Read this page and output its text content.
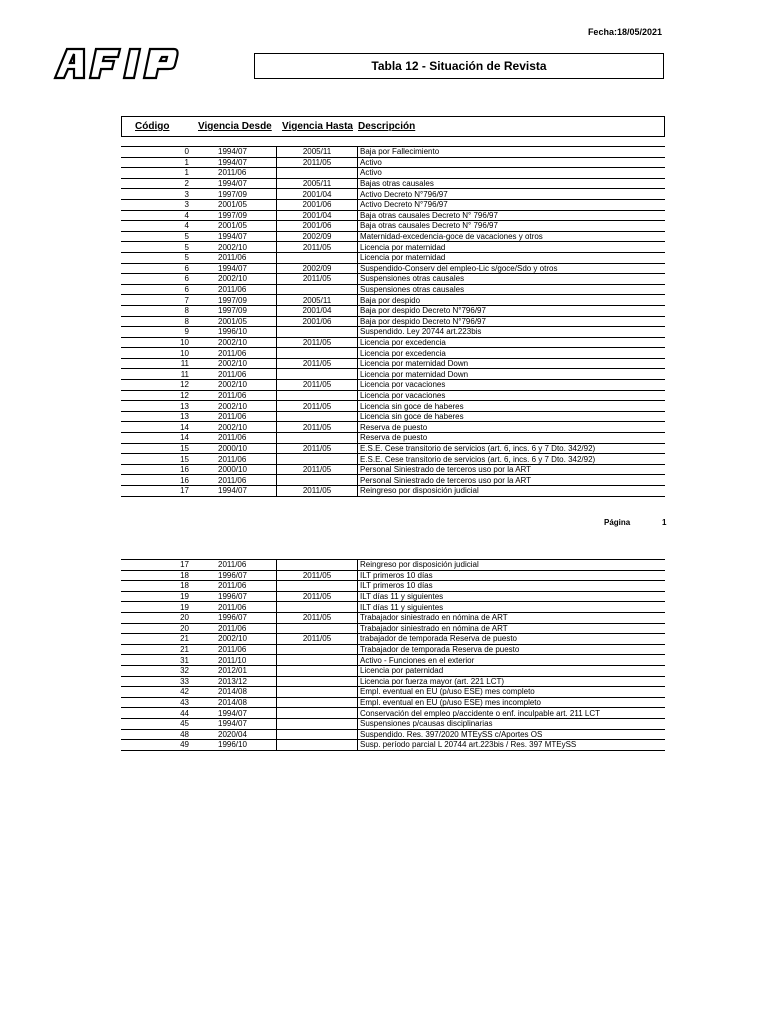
Fecha:18/05/2021
Tabla 12 - Situación de Revista
Código	Vigencia Desde Vigencia Hasta Descripción
0	1994/07	2005/11	Baja por Fallecimiento
1	1994/07	2011/05	Activo
1	2011/06		Activo
2	1994/07	2005/11	Bajas otras causales
3	1997/09	2001/04	Activo Decreto N°796/97
3	2001/05	2001/06	Activo Decreto N°796/97
4	1997/09	2001/04	Baja otras causales Decreto N° 796/97
4	2001/05	2001/06	Baja otras causales Decreto N° 796/97
5	1994/07	2002/09	Maternidad-excedencia-goce de vacaciones y otros
5	2002/10	2011/05	Licencia por maternidad
5	2011/06		Licencia por maternidad
6	1994/07	2002/09	Suspendido-Conserv del empleo-Lic s/goce/Sdo y otros
6	2002/10	2011/05	Suspensiones otras causales
6	2011/06		Suspensiones otras causales
7	1997/09	2005/11	Baja por despido
8	1997/09	2001/04	Baja por despido Decreto N°796/97
8	2001/05	2001/06	Baja por despido Decreto N°796/97
9	1996/10		Suspendido. Ley 20744 art.223bis
10	2002/10	2011/05	Licencia por excedencia
10	2011/06		Licencia por excedencia
11	2002/10	2011/05	Licencia por maternidad Down
11	2011/06		Licencia por maternidad Down
12	2002/10	2011/05	Licencia por vacaciones
12	2011/06		Licencia por vacaciones
13	2002/10	2011/05	Licencia sin goce de haberes
13	2011/06		Licencia sin goce de haberes
14	2002/10	2011/05	Reserva de puesto
14	2011/06		Reserva de puesto
15	2000/10	2011/05	E.S.E. Cese transitorio de servicios (art. 6, incs. 6 y 7 Dto. 342/92)
15	2011/06		E.S.E. Cese transitorio de servicios (art. 6, incs. 6 y 7 Dto. 342/92)
16	2000/10	2011/05	Personal Siniestrado de terceros uso por la ART
16	2011/06		Personal Siniestrado de terceros uso por la ART
17	1994/07	2011/05	Reingreso por disposición judicial
Página	1
17	2011/06		Reingreso por disposición judicial
18	1996/07	2011/05	ILT primeros 10 días
18	2011/06		ILT primeros 10 días
19	1996/07	2011/05	ILT días 11 y siguientes
19	2011/06		ILT días 11 y siguientes
20	1996/07	2011/05	Trabajador siniestrado en nómina de ART
20	2011/06		Trabajador siniestrado en nómina de ART
21	2002/10	2011/05	trabajador de temporada Reserva de puesto
21	2011/06		Trabajador de temporada Reserva de puesto
31	2011/10		Activo - Funciones en el exterior
32	2012/01		Licencia por paternidad
33	2013/12		Licencia por fuerza mayor (art. 221 LCT)
42	2014/08		Empl. eventual en EU (p/uso ESE) mes completo
43	2014/08		Empl. eventual en EU (p/uso ESE) mes incompleto
44	1994/07		Conservación del empleo p/accidente o enf. inculpable art. 211 LCT
45	1994/07		Suspensiones p/causas disciplinarias
48	2020/04		Suspendido. Res. 397/2020 MTEySS c/Aportes OS
49	1996/10		Susp. período parcial L 20744 art.223bis / Res. 397 MTEySS
